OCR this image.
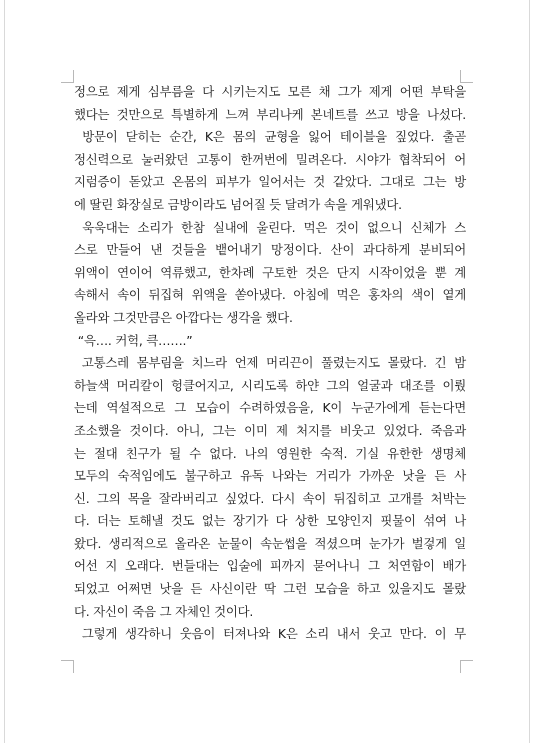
정으로 제게 심부름을 다 시키는지도 모른 채 그가 제게 어떤 부탁을
했다는 것만으로 특별하게 느껴 부리나케 본네트를 쓰고 방을 나섰다.
방문이 닫히는 순간, K은 몸의 균형을 잃어 테이블을 짚었다. 출곧
정신력으로 눌러왔던 고통이 한꺼번에 밀려온다. 시야가 협착되어 어
지럼증이 돋았고 온몸의 피부가 일어서는 것 같았다. 그대로 그는 방
에 딸린 화장실로 금방이라도 넘어질 듯 달려가 속을 게워냈다.
욱욱대는 소리가 한참 실내에 울린다. 먹은 것이 없으니 신체가 스
스로 만들어 낸 것들을 뱉어내기 망정이다. 산이 과다하게 분비되어
위액이 연이어 역류했고, 한차례 구토한 것은 단지 시작이었을 뿐 계
속해서 속이 뒤집혀 위액을 쏟아냈다. 아침에 먹은 홍차의 색이 옅게
올라와 그것만큼은 아깝다는 생각을 했다.
“윽…. 커헉, 큭…….”
고통스레 몸부림을 치느라 언제 머리끈이 풀렸는지도 몰랐다. 긴 밤
하늘색 머리칼이 헝클어지고, 시리도록 하얀 그의 얼굴과 대조를 이뤘
는데 역설적으로 그 모습이 수려하였음을, K이 누군가에게 듣는다면
조소했을 것이다. 아니, 그는 이미 제 처지를 비웃고 있었다. 죽음과
는 절대 친구가 될 수 없다. 나의 영원한 숙적. 기실 유한한 생명체
모두의 숙적임에도 불구하고 유독 나와는 거리가 가까운 낫을 든 사
신. 그의 목을 잘라버리고 싶었다. 다시 속이 뒤집히고 고개를 처박는
다. 더는 토해낼 것도 없는 장기가 다 상한 모양인지 핏물이 섞여 나
왔다. 생리적으로 올라온 눈물이 속눈썹을 적셨으며 눈가가 벌겋게 일
어선 지 오래다. 번들대는 입술에 피까지 묻어나니 그 처연함이 배가
되었고 어쩌면 낫을 든 사신이란 딱 그런 모습을 하고 있을지도 몰랐
다. 자신이 죽음 그 자체인 것이다.
그렇게 생각하니 웃음이 터져나와 K은 소리 내서 웃고 만다. 이 무
